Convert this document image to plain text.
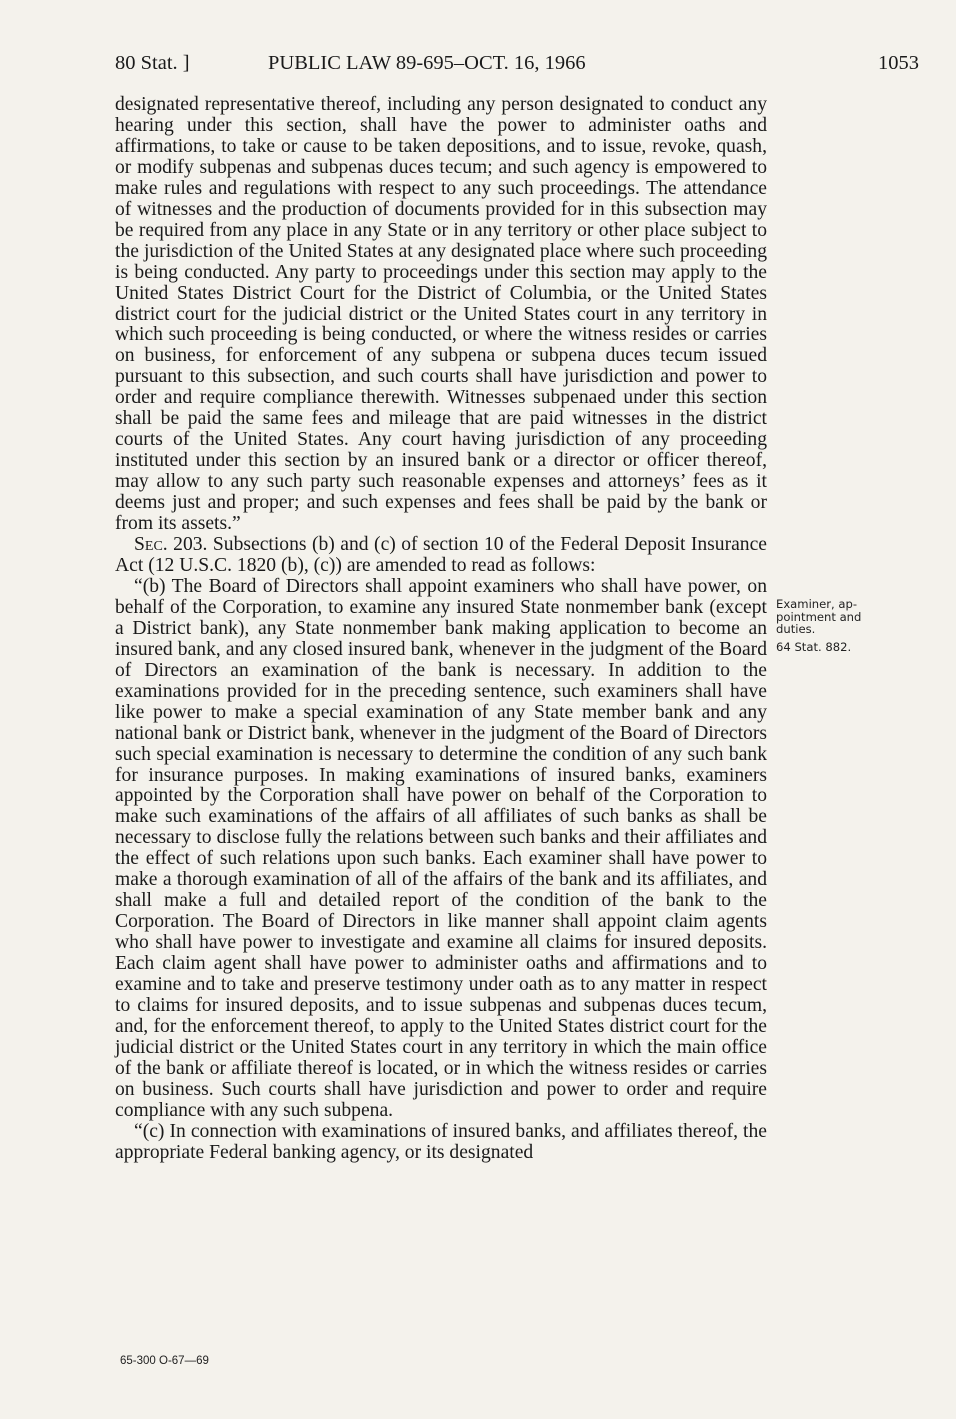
80 Stat. ]	PUBLIC LAW 89-695–OCT. 16, 1966	1053

designated representative thereof, including any person designated to conduct any hearing under this section, shall have the power to administer oaths and affirmations, to take or cause to be taken depositions, and to issue, revoke, quash, or modify subpenas and subpenas duces tecum; and such agency is empowered to make rules and regulations with respect to any such proceedings. The attendance of witnesses and the production of documents provided for in this subsection may be required from any place in any State or in any territory or other place subject to the jurisdiction of the United States at any designated place where such proceeding is being conducted. Any party to proceedings under this section may apply to the United States District Court for the District of Columbia, or the United States district court for the judicial district or the United States court in any territory in which such proceeding is being conducted, or where the witness resides or carries on business, for enforcement of any subpena or subpena duces tecum issued pursuant to this subsection, and such courts shall have jurisdiction and power to order and require compliance therewith. Witnesses subpenaed under this section shall be paid the same fees and mileage that are paid witnesses in the district courts of the United States. Any court having jurisdiction of any proceeding instituted under this section by an insured bank or a director or officer thereof, may allow to any such party such reasonable expenses and attorneys’ fees as it deems just and proper; and such expenses and fees shall be paid by the bank or from its assets.”

Sec. 203. Subsections (b) and (c) of section 10 of the Federal Deposit Insurance Act (12 U.S.C. 1820 (b), (c)) are amended to read as follows:

“(b) The Board of Directors shall appoint examiners who shall have power, on behalf of the Corporation, to examine any insured State nonmember bank (except a District bank), any State nonmember bank making application to become an insured bank, and any closed insured bank, whenever in the judgment of the Board of Directors an examination of the bank is necessary. In addition to the examinations provided for in the preceding sentence, such examiners shall have like power to make a special examination of any State member bank and any national bank or District bank, whenever in the judgment of the Board of Directors such special examination is necessary to determine the condition of any such bank for insurance purposes. In making examinations of insured banks, examiners appointed by the Corporation shall have power on behalf of the Corporation to make such examinations of the affairs of all affiliates of such banks as shall be necessary to disclose fully the relations between such banks and their affiliates and the effect of such relations upon such banks. Each examiner shall have power to make a thorough examination of all of the affairs of the bank and its affiliates, and shall make a full and detailed report of the condition of the bank to the Corporation. The Board of Directors in like manner shall appoint claim agents who shall have power to investigate and examine all claims for insured deposits. Each claim agent shall have power to administer oaths and affirmations and to examine and to take and preserve testimony under oath as to any matter in respect to claims for insured deposits, and to issue subpenas and subpenas duces tecum, and, for the enforcement thereof, to apply to the United States district court for the judicial district or the United States court in any territory in which the main office of the bank or affiliate thereof is located, or in which the witness resides or carries on business. Such courts shall have jurisdiction and power to order and require compliance with any such subpena.

“(c) In connection with examinations of insured banks, and affiliates thereof, the appropriate Federal banking agency, or its designated

Examiner, ap-
pointment and
duties.
64 Stat. 882.
65-300 O-67—69
